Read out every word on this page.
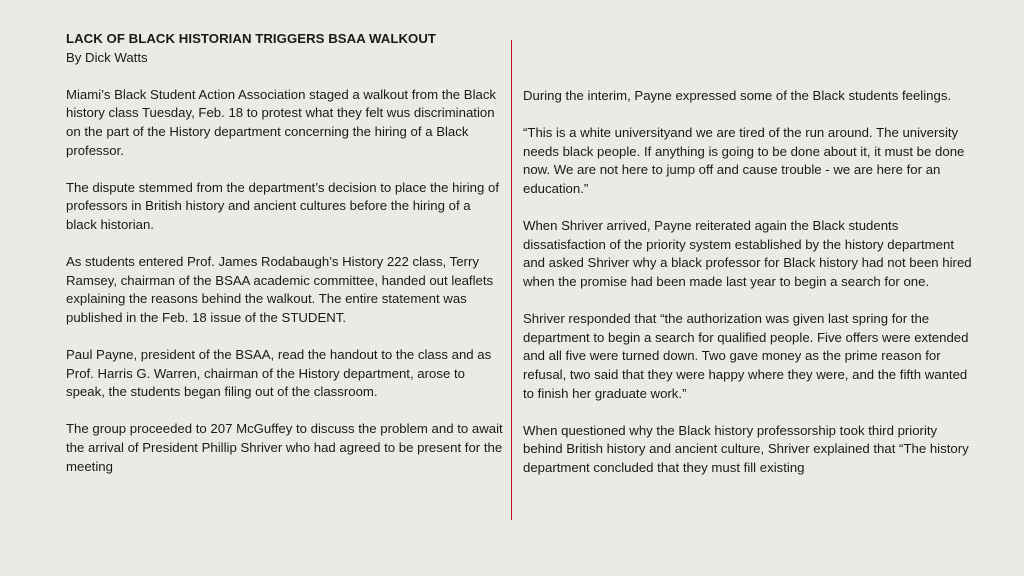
LACK OF BLACK HISTORIAN TRIGGERS BSAA WALKOUT
By Dick Watts

Miami’s Black Student Action Association staged a walkout from the Black history class Tuesday, Feb. 18 to protest what they felt wus discrimination on the part of the History department concerning the hiring of a Black professor.

The dispute stemmed from the department’s decision to place the hiring of professors in British history and ancient cultures before the hiring of a black historian.

As students entered Prof. James Rodabaugh’s History 222 class, Terry Ramsey, chairman of the BSAA academic committee, handed out leaflets explaining the reasons behind the walkout. The entire statement was published in the Feb. 18 issue of the STUDENT.

Paul Payne, president of the BSAA, read the handout to the class and as Prof. Harris G. Warren, chairman of the History department, arose to speak, the students began filing out of the classroom.

The group proceeded to 207 McGuffey to discuss the problem and to await the arrival of President Phillip Shriver who had agreed to be present for the meeting

During the interim, Payne expressed some of the Black students feelings.

“This is a white universityand we are tired of the run around. The university needs black people. If anything is going to be done about it, it must be done now. We are not here to jump off and cause trouble - we are here for an education.”

When Shriver arrived, Payne reiterated again the Black students dissatisfaction of the priority system established by the history department and asked Shriver why a black professor for Black history had not been hired when the promise had been made last year to begin a search for one.

Shriver responded that “the authorization was given last spring for the department to begin a search for qualified people. Five offers were extended and all five were turned down. Two gave money as the prime reason for refusal, two said that they were happy where they were, and the fifth wanted to finish her graduate work.”

When questioned why the Black history professorship took third priority behind British history and ancient culture, Shriver explained that “The history department concluded that they must fill existing
